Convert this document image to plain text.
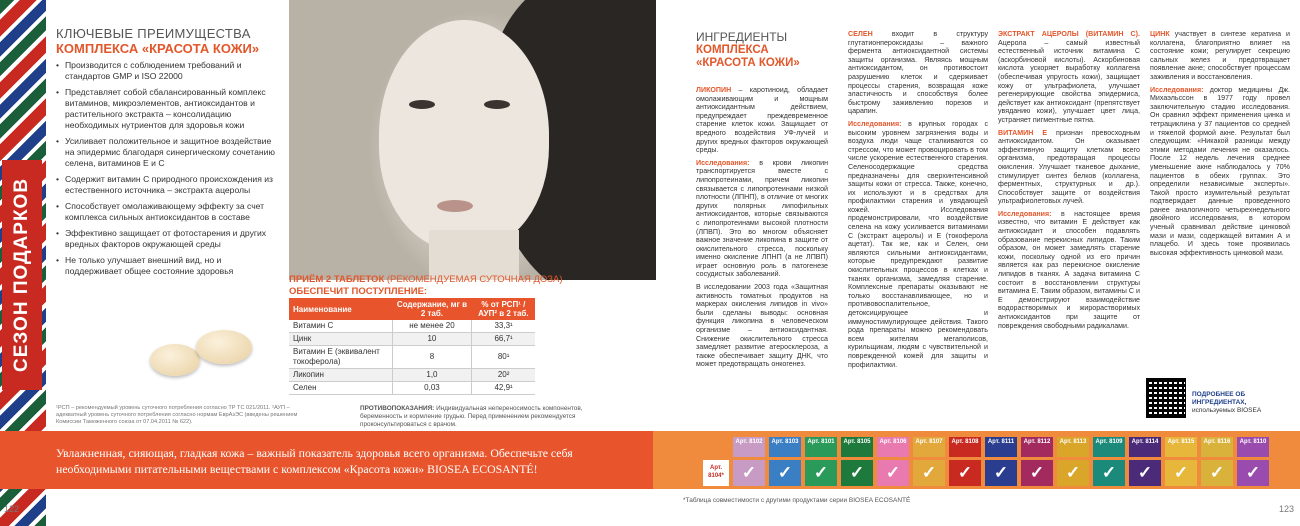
СЕЗОН ПОДАРКОВ
КЛЮЧЕВЫЕ ПРЕИМУЩЕСТВА
КОМПЛЕКСА «КРАСОТА КОЖИ»
• Производится с соблюдением требований и стандартов GMP и ISO 22000
• Представляет собой сбалансированный комплекс витаминов, микроэлементов, антиоксидантов и растительного экстракта – консолидацию необходимых нутриентов для здоровья кожи
• Усиливает положительное и защитное воздействие на эпидермис благодаря синергическому сочетанию селена, витаминов Е и С
• Содержит витамин С природного происхождения из естественного источника – экстракта ацеролы
• Способствует омолаживающему эффекту за счет комплекса сильных антиоксидантов в составе
• Эффективно защищает от фотостарения и других вредных факторов окружающей среды
• Не только улучшает внешний вид, но и поддерживает общее состояние здоровья
ПРИЁМ 2 ТАБЛЕТОК (РЕКОМЕНДУЕМАЯ СУТОЧНАЯ ДОЗА)
ОБЕСПЕЧИТ ПОСТУПЛЕНИЕ:
Наименование	Содержание, мг в 2 таб.	% от РСП¹ / АУП² в 2 таб.
Витамин С	не менее 20	33,3¹
Цинк	10	66,7¹
Витамин Е (эквивалент токоферола)	8	80¹
Ликопин	1,0	20²
Селен	0,03	42,9¹
¹РСП – рекомендуемый уровень суточного потребления согласно ТР ТС 021/2011. ²АУП – адекватный уровень суточного потребления согласно нормам ЕврАзЭС (введены решением Комиссии Таможенного союза от 07.04.2011 № 622).
ПРОТИВОПОКАЗАНИЯ: Индивидуальная непереносимость компонентов, беременность и кормление грудью. Перед применением рекомендуется проконсультироваться с врачом.
Увлажненная, сияющая, гладкая кожа – важный показатель здоровья всего организма. Обеспечьте себя необходимыми питательными веществами с комплексом «Красота кожи» BIOSEA ECOSANTÉ!
ИНГРЕДИЕНТЫ
КОМПЛЕКСА «КРАСОТА КОЖИ»

ЛИКОПИН – каротиноид, обладает омолаживающим и мощным антиоксидантным действием, предупреждает преждевременное старение клеток кожи. Защищает от вредного воздействия УФ-лучей и других вредных факторов окружающей среды.

Исследования: в крови ликопин транспортируется вместе с липопротеинами, причем ликопин связывается с липопротеинами низкой плотности (ЛПНП), в отличие от многих других полярных липофильных антиоксидантов, которые связываются с липопротеинами высокой плотности (ЛПВП). Это во многом объясняет важное значение ликопина в защите от окислительного стресса, поскольку именно окисление ЛПНП (а не ЛПВП) играет основную роль в патогенезе сосудистых заболеваний.

В исследовании 2003 года «Защитная активность томатных продуктов на маркерах окисления липидов in vivo» были сделаны выводы: основная функция ликопина в человеческом организме – антиоксидантная. Снижение окислительного стресса замедляет развитие атеросклероза, а также обеспечивает защиту ДНК, что может предотвращать онкогенез.

СЕЛЕН входит в структуру глутатионпероксидазы – важного фермента антиоксидантной системы защиты организма. Являясь мощным антиоксидантом, он противостоит разрушению клеток и сдерживает процессы старения, возвращая коже эластичность и способствуя более быстрому заживлению порезов и царапин.

Исследования: в крупных городах с высоким уровнем загрязнения воды и воздуха люди чаще сталкиваются со стрессом, что может провоцировать в том числе ускорение естественного старения. Селеносодержащие средства предназначены для сверхинтенсивной защиты кожи от стресса. Также, конечно, их используют и в средствах для профилактики старения и увядающей кожей. Исследования продемонстрировали, что воздействие селена на кожу усиливается витаминами С (экстракт ацеролы) и Е (токоферола ацетат). Так же, как и Селен, они являются сильными антиоксидантами, которые предупреждают развитие окислительных процессов в клетках и тканях организма, замедляя старение. Комплексные препараты оказывают не только восстанавливающее, но и противовоспалительное, детоксицирующее и иммуностимулирующее действия. Такого рода препараты можно рекомендовать всем жителям мегаполисов, курильщикам, людям с чувствительной и поврежденной кожей для защиты и профилактики.

ЭКСТРАКТ АЦЕРОЛЫ (ВИТАМИН С). Ацерола – самый известный естественный источник витамина С (аскорбиновой кислоты). Аскорбиновая кислота ускоряет выработку коллагена (обеспечивая упругость кожи), защищает кожу от ультрафиолета, улучшает регенерирующие свойства эпидермиса, действует как антиоксидант (препятствует увяданию кожи), улучшает цвет лица, устраняет пигментные пятна.

ВИТАМИН Е признан превосходным антиоксидантом. Он оказывает эффективную защиту клеткам всего организма, предотвращая процессы окисления. Улучшает тканевое дыхание, стимулирует синтез белков (коллагена, ферментных, структурных и др.). Способствует защите от воздействия ультрафиолетовых лучей.

Исследования: в настоящее время известно, что витамин Е действует как антиоксидант и способен подавлять образование перекисных липидов. Таким образом, он может замедлять старение кожи, поскольку одной из его причин является как раз перекисное окисление липидов в тканях. А задача витамина С состоит в восстановлении структуры витамина Е. Таким образом, витамины С и Е демонстрируют взаимодействие водорастворимых и жирорастворимых антиоксидантов при защите от повреждения свободными радикалами.

ЦИНК участвует в синтезе кератина и коллагена, благоприятно влияет на состояние кожи; регулирует секрецию сальных желез и предотвращает появление акне; способствует процессам заживления и восстановления.

Исследования: доктор медицины Дж. Михаэльссон в 1977 году провел заключительную стадию исследования. Он сравнил эффект применения цинка и тетрациклина у 37 пациентов со средней и тяжелой формой акне. Результат был следующим: «Никакой разницы между этими методами лечения не оказалось. После 12 недель лечения среднее уменьшение акне наблюдалось у 70% пациентов в обеих группах. Это определили независимые эксперты». Такой просто изумительный результат подтверждает данные проведенного ранее аналогичного четырехнедельного двойного исследования, в котором ученый сравнивал действие цинковой мази и мази, содержащей витамин А и плацебо. И здесь тоже проявилась высокая эффективность цинковой мази.

ПОДРОБНЕЕ ОБ ИНГРЕДИЕНТАХ,
используемых BIOSEA
Арт. 8102	Арт. 8103	Арт. 8101	Арт. 8105	Арт. 8106	Арт. 8107	Арт. 8108	Арт. 8111	Арт. 8112	Арт. 8113	Арт. 8109	Арт. 8114	Арт. 8115	Арт. 8116	Арт. 8110
Арт. 8104*	✓	✓	✓	✓	✓	✓	✓	✓	✓	✓	✓	✓	✓	✓	✓
*Таблица совместимости с другими продуктами серии BIOSEA ECOSANTÉ
122	123
